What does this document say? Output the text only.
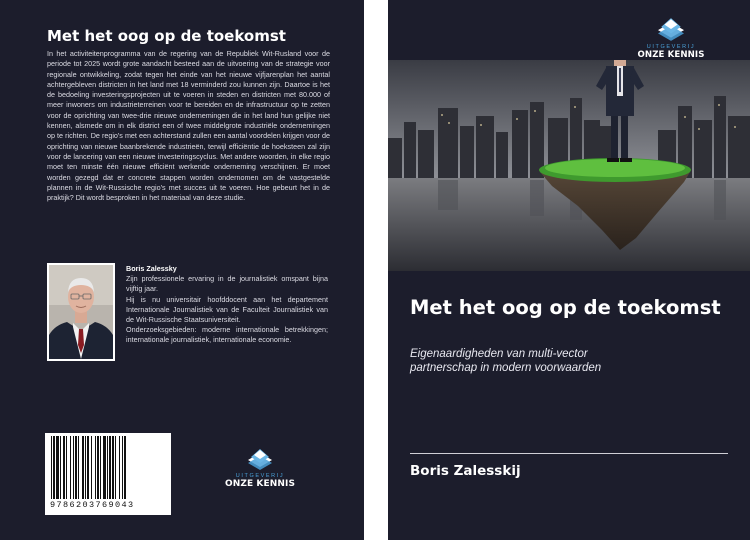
Met het oog op de toekomst
In het activiteitenprogramma van de regering van de Republiek Wit-Rusland voor de periode tot 2025 wordt grote aandacht besteed aan de uitvoering van de strategie voor regionale ontwikkeling, zodat tegen het einde van het nieuwe vijfjarenplan het aantal achtergebleven districten in het land met 18 verminderd zou kunnen zijn. Daartoe is het de bedoeling investeringsprojecten uit te voeren in steden en districten met 80.000 of meer inwoners om industrieterreinen voor te bereiden en de infrastructuur op te zetten voor de oprichting van twee-drie nieuwe ondernemingen die in het land hun gelijke niet kennen, alsmede om in elk district een of twee middelgrote industriële ondernemingen op te richten. De regio's met een achterstand zullen een aantal voordelen krijgen voor de oprichting van nieuwe baanbrekende industrieën, terwijl efficiëntie de hoeksteen zal zijn voor de lancering van een nieuwe investeringscyclus. Met andere woorden, in elke regio moet ten minste één nieuwe efficiënt werkende onderneming verschijnen. Er moet worden gezegd dat er concrete stappen worden ondernomen om de vastgestelde plannen in de Wit-Russische regio's met succes uit te voeren. Hoe gebeurt het in de praktijk? Dit wordt besproken in het materiaal van deze studie.
Boris Zalessky
Zijn professionele ervaring in de journalistiek omspant bijna vijftig jaar.
Hij is nu universitair hoofddocent aan het departement Internationale Journalistiek van de Faculteit Journalistiek van de Wit-Russische Staatsuniversiteit.
Onderzoeksgebieden: moderne internationale betrekkingen; internationale journalistiek, internationale economie.
9786203769043
UITGEVERIJ
ONZE KENNIS
UITGEVERIJ
ONZE KENNIS
Met het oog op de toekomst
Eigenaardigheden van multi-vector partnerschap in modern voorwaarden
Boris Zalesskij
